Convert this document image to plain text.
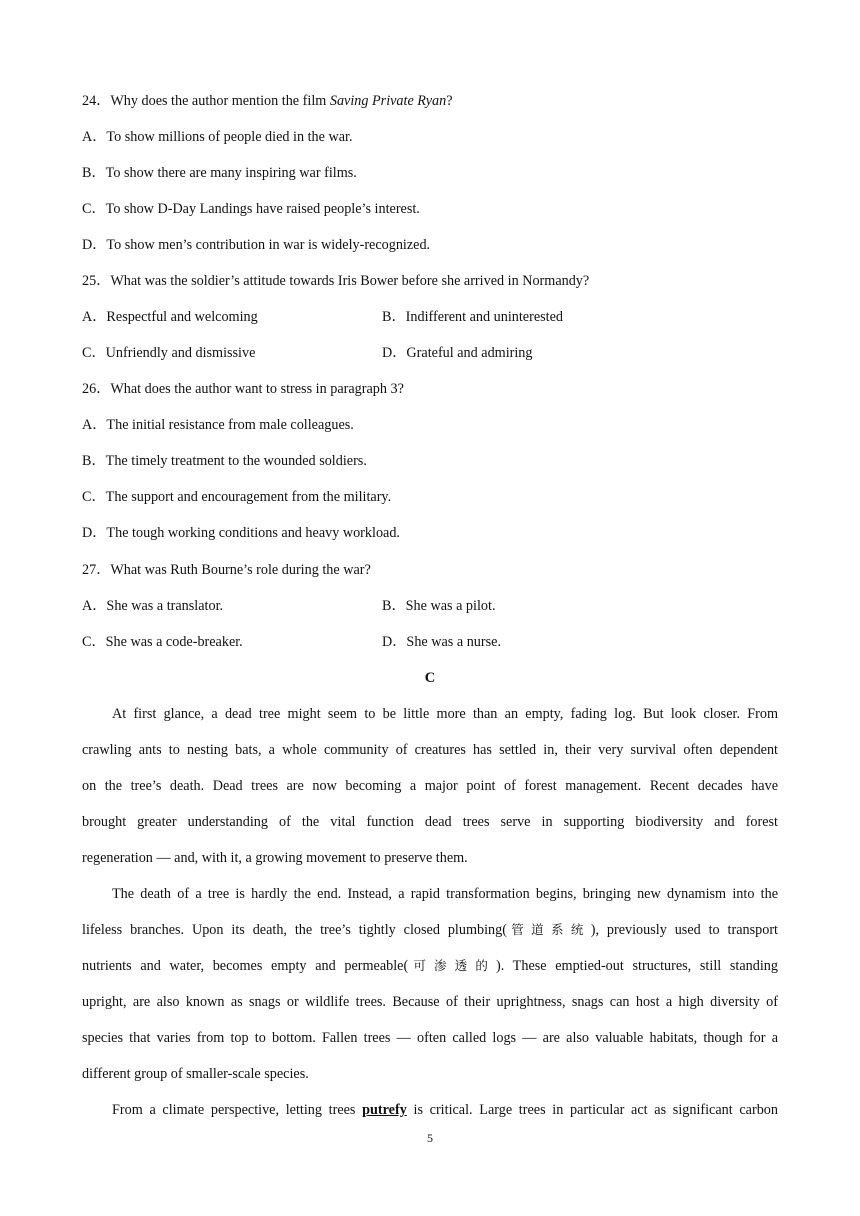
24．Why does the author mention the film Saving Private Ryan?
A．To show millions of people died in the war.
B．To show there are many inspiring war films.
C．To show D-Day Landings have raised people’s interest.
D．To show men’s contribution in war is widely-recognized.
25．What was the soldier’s attitude towards Iris Bower before she arrived in Normandy?
A．Respectful and welcoming	B．Indifferent and uninterested
C．Unfriendly and dismissive	D．Grateful and admiring
26．What does the author want to stress in paragraph 3?
A．The initial resistance from male colleagues.
B．The timely treatment to the wounded soldiers.
C．The support and encouragement from the military.
D．The tough working conditions and heavy workload.
27．What was Ruth Bourne’s role during the war?
A．She was a translator.	B．She was a pilot.
C．She was a code-breaker.	D．She was a nurse.
C
At first glance, a dead tree might seem to be little more than an empty, fading log. But look closer. From
crawling ants to nesting bats, a whole community of creatures has settled in, their very survival often dependent
on the tree’s death. Dead trees are now becoming a major point of forest management. Recent decades have
brought greater understanding of the vital function dead trees serve in supporting biodiversity and forest
regeneration — and, with it, a growing movement to preserve them.
The death of a tree is hardly the end. Instead, a rapid transformation begins, bringing new dynamism into the
lifeless branches. Upon its death, the tree’s tightly closed plumbing(管道系统), previously used to transport
nutrients and water, becomes empty and permeable(可渗透的). These emptied-out structures, still standing
upright, are also known as snags or wildlife trees. Because of their uprightness, snags can host a high diversity of
species that varies from top to bottom. Fallen trees — often called logs — are also valuable habitats, though for a
different group of smaller-scale species.
From a climate perspective, letting trees putrefy is critical. Large trees in particular act as significant carbon
5
